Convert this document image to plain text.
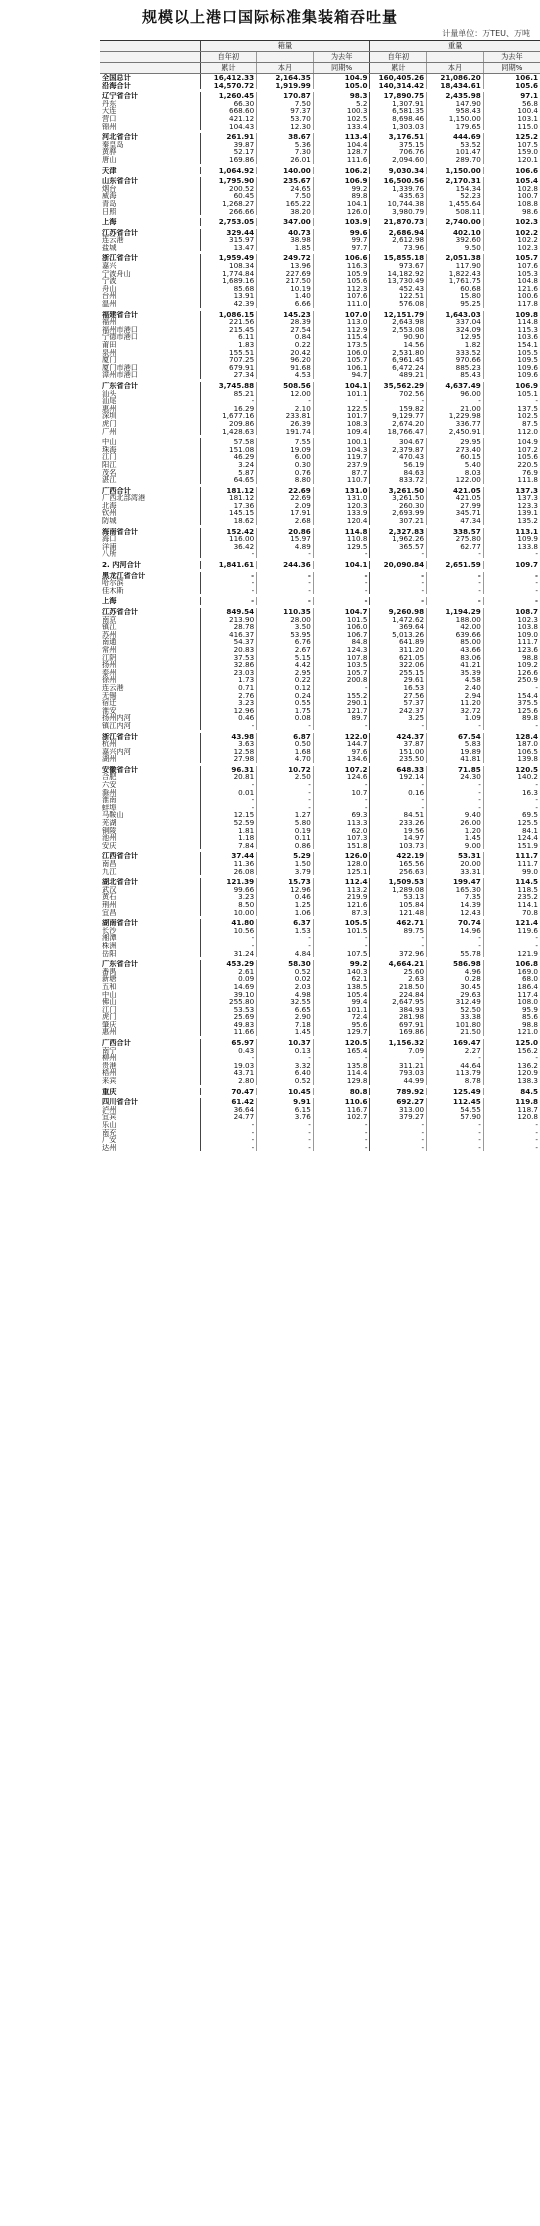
规模以上港口国际标准集装箱吞吐量
计量单位：万TEU、万吨
	箱量			重量		
	自年初		为去年	自年初		为去年
	累计	本月	同期%	累计	本月	同期%
全国总计	16,412.33	2,164.35	104.9	160,405.26	21,086.20	106.1
沿海合计	14,570.72	1,919.99	105.0	140,314.42	18,434.61	105.6

辽宁省合计	1,260.45	170.87	98.3	17,890.75	2,435.98	97.1
丹东	66.30	7.50	5.2	1,307.91	147.90	56.8
大连	668.60	97.37	100.3	6,581.35	958.43	100.4
营口	421.12	53.70	102.5	8,698.46	1,150.00	103.1
锦州	104.43	12.30	133.4	1,303.03	179.65	115.0

河北省合计	261.91	38.67	113.4	3,176.51	444.69	125.2
秦皇岛	39.87	5.36	104.4	375.15	53.52	107.5
黄骅	52.17	7.30	128.7	706.76	101.47	159.0
唐山	169.86	26.01	111.6	2,094.60	289.70	120.1

天津	1,064.92	140.00	106.2	9,030.34	1,150.00	106.6

山东省合计	1,795.90	235.67	106.9	16,500.56	2,170.31	105.4
烟台	200.52	24.65	99.2	1,339.76	154.34	102.8
威海	60.45	7.50	89.8	435.63	52.23	100.7
青岛	1,268.27	165.22	104.1	10,744.38	1,455.64	108.8
日照	266.66	38.20	126.0	3,980.79	508.11	98.6

上海	2,753.05	347.00	103.9	21,870.73	2,740.00	102.3

江苏省合计	329.44	40.73	99.6	2,686.94	402.10	102.2
连云港	315.97	38.98	99.7	2,612.98	392.60	102.2
盐城	13.47	1.85	97.7	73.96	9.50	102.3

浙江省合计	1,959.49	249.72	106.6	15,855.18	2,051.38	105.7
嘉兴	108.34	13.96	116.3	973.67	117.90	107.6
宁波舟山	1,774.84	227.69	105.9	14,182.92	1,822.43	105.3
宁波	1,689.16	217.50	105.6	13,730.49	1,761.75	104.8
舟山	85.68	10.19	112.3	452.43	60.68	121.6
台州	13.91	1.40	107.6	122.51	15.80	100.6
温州	42.39	6.66	111.0	576.08	95.25	117.8

福建省合计	1,086.15	145.23	107.0	12,151.79	1,643.03	109.8
福州	221.56	28.39	113.0	2,643.98	337.04	114.8
福州市港口	215.45	27.54	112.9	2,553.08	324.09	115.3
宁德市港口	6.11	0.84	115.4	90.90	12.95	103.6
莆田	1.83	0.22	173.5	14.56	1.82	154.1
泉州	155.51	20.42	106.0	2,531.80	333.52	105.5
厦门	707.25	96.20	105.7	6,961.45	970.66	109.5
厦门市港口	679.91	91.68	106.1	6,472.24	885.23	109.6
漳州市港口	27.34	4.53	94.7	489.21	85.43	109.6

广东省合计	3,745.88	508.56	104.1	35,562.29	4,637.49	106.9
汕头	85.21	12.00	101.1	702.56	96.00	105.1
汕尾	-	-	-	-	-	-
惠州	16.29	2.10	122.5	159.82	21.00	137.5
深圳	1,677.16	233.81	101.7	9,129.77	1,229.98	102.5
虎门	209.86	26.39	108.3	2,674.20	336.77	87.5
广州	1,428.63	191.74	109.4	18,766.47	2,450.91	112.0

中山	57.58	7.55	100.1	304.67	29.95	104.9
珠海	151.08	19.09	104.3	2,379.87	273.40	107.2
江门	46.29	6.00	119.7	470.43	60.15	105.6
阳江	3.24	0.30	237.9	56.19	5.40	220.5
茂名	5.87	0.76	87.7	84.63	8.03	76.9
湛江	64.65	8.80	110.7	833.72	122.00	111.8

广西合计	181.12	22.69	131.0	3,261.50	421.05	137.3
广西北部湾港	181.12	22.69	131.0	3,261.50	421.05	137.3
北海	17.36	2.09	120.3	260.30	27.99	123.3
钦州	145.15	17.91	133.9	2,693.99	345.71	139.1
防城	18.62	2.68	120.4	307.21	47.34	135.2

海南省合计	152.42	20.86	114.8	2,327.83	338.57	113.1
海口	116.00	15.97	110.8	1,962.26	275.80	109.9
洋浦	36.42	4.89	129.5	365.57	62.77	133.8
八所	-	-	-	-	-	-

2. 内河合计	1,841.61	244.36	104.1	20,090.84	2,651.59	109.7

黑龙江省合计	-	-	-	-	-	-
哈尔滨	-	-	-	-	-	-
佳木斯	-	-	-	-	-	-

上海	-	-	-	-	-	-

江苏省合计	849.54	110.35	104.7	9,260.98	1,194.29	108.7
南京	213.90	28.00	101.5	1,472.62	188.00	102.3
镇江	28.78	3.50	106.0	369.64	42.00	103.8
苏州	416.37	53.95	106.7	5,013.26	639.66	109.0
南通	54.37	6.76	84.8	641.89	85.00	111.7
常州	20.83	2.67	124.3	311.20	43.66	123.6
江阴	37.53	5.15	107.8	621.05	83.06	98.8
扬州	32.86	4.42	103.5	322.06	41.21	109.2
泰州	23.03	2.95	105.7	255.15	35.39	126.6
徐州	1.73	0.22	200.8	29.61	4.58	250.9
连云港	0.71	0.12	-	16.53	2.40	-
无锡	2.76	0.24	155.2	27.56	2.94	154.4
宿迁	3.23	0.55	290.1	57.37	11.20	375.5
淮安	12.96	1.75	121.7	242.37	32.72	125.6
扬州内河	0.46	0.08	89.7	3.25	1.09	89.8
镇江内河	-	-	-	-	-	-

浙江省合计	43.98	6.87	122.0	424.37	67.54	128.4
杭州	3.63	0.50	144.7	37.87	5.83	187.0
嘉兴内河	12.58	1.68	97.6	151.00	19.89	106.5
湖州	27.98	4.70	134.6	235.50	41.81	139.8

安徽省合计	96.31	10.72	107.2	648.33	71.85	120.5
合肥	20.81	2.50	124.6	192.14	24.30	140.2
六安	-	-	-	-	-	-
滁州	0.01	-	10.7	0.16	-	16.3
淮南	-	-	-	-	-	-
蚌埠	-	-	-	-	-	-
马鞍山	12.15	1.27	69.3	84.51	9.40	69.5
芜湖	52.59	5.80	113.3	233.26	26.00	125.5
铜陵	1.81	0.19	62.0	19.56	1.20	84.1
池州	1.18	0.11	107.3	14.97	1.45	124.4
安庆	7.84	0.86	151.8	103.73	9.00	151.9

江西省合计	37.44	5.29	126.0	422.19	53.31	111.7
南昌	11.36	1.50	128.0	165.56	20.00	111.7
九江	26.08	3.79	125.1	256.63	33.31	99.0

湖北省合计	121.39	15.73	112.4	1,509.53	199.47	114.5
武汉	99.66	12.96	113.2	1,289.08	165.30	118.5
黄石	3.23	0.46	219.9	53.13	7.35	235.2
荆州	8.50	1.25	121.6	105.84	14.39	114.1
宜昌	10.00	1.06	87.3	121.48	12.43	70.8

湖南省合计	41.80	6.37	105.5	462.71	70.74	121.4
长沙	10.56	1.53	101.5	89.75	14.96	119.6
湘潭	-	-	-	-	-	-
株洲	-	-	-	-	-	-
岳阳	31.24	4.84	107.5	372.96	55.78	121.9

广东省合计	453.29	58.30	99.2	4,664.21	586.98	106.8
番禺	2.61	0.52	140.3	25.60	4.96	169.0
新塘	0.09	0.02	62.1	2.63	0.28	68.0
五和	14.69	2.03	138.5	218.50	30.45	186.4
中山	39.10	4.98	105.4	224.84	29.63	117.4
佛山	255.80	32.55	99.4	2,647.95	312.49	108.0
江门	53.53	6.65	101.1	384.93	52.50	95.9
虎门	25.69	2.90	72.4	281.98	33.38	85.6
肇庆	49.83	7.18	95.6	697.91	101.80	98.8
惠州	11.66	1.45	129.7	169.86	21.50	121.0

广西合计	65.97	10.37	120.5	1,156.32	169.47	125.0
南宁	0.43	0.13	165.4	7.09	2.27	156.2
柳州	-	-	-	-	-	-
贵港	19.03	3.32	135.8	311.21	44.64	136.2
梧州	43.71	6.40	114.4	793.03	113.79	120.9
来宾	2.80	0.52	129.8	44.99	8.78	138.3

重庆	70.47	10.45	80.8	789.92	125.49	84.5

四川省合计	61.42	9.91	110.6	692.27	112.45	119.8
泸州	36.64	6.15	116.7	313.00	54.55	118.7
宜宾	24.77	3.76	102.7	379.27	57.90	120.8
乐山	-	-	-	-	-	-
南充	-	-	-	-	-	-
广安	-	-	-	-	-	-
达州	-	-	-	-	-	-
